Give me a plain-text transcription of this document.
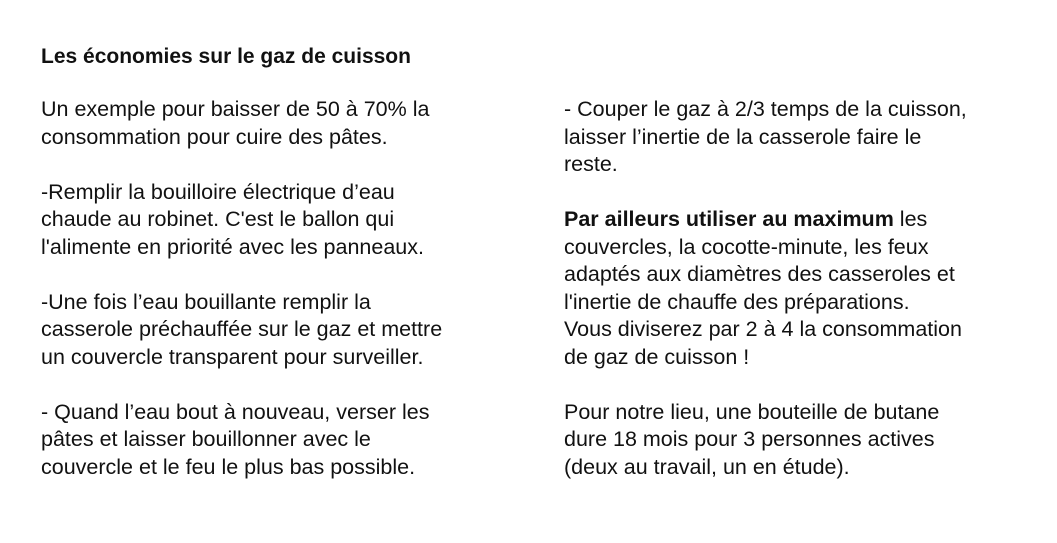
Les économies sur le gaz de cuisson

Un exemple pour baisser de 50 à 70% la
consommation pour cuire des pâtes.

-Remplir la bouilloire électrique d’eau
chaude au robinet. C'est le ballon qui
l'alimente en priorité avec les panneaux.

-Une fois l’eau bouillante remplir la
casserole préchauffée sur le gaz et mettre
un couvercle transparent pour surveiller.

- Quand l’eau bout à nouveau, verser les
pâtes et laisser bouillonner avec le
couvercle et le feu le plus bas possible.

- Couper le gaz à 2/3 temps de la cuisson,
laisser l’inertie de la casserole faire le
reste.

Par ailleurs utiliser au maximum les
couvercles, la cocotte-minute, les feux
adaptés aux diamètres des casseroles et
l'inertie de chauffe des préparations.
Vous diviserez par 2 à 4 la consommation
de gaz de cuisson !

Pour notre lieu, une bouteille de butane
dure 18 mois pour 3 personnes actives
(deux au travail, un en étude).
